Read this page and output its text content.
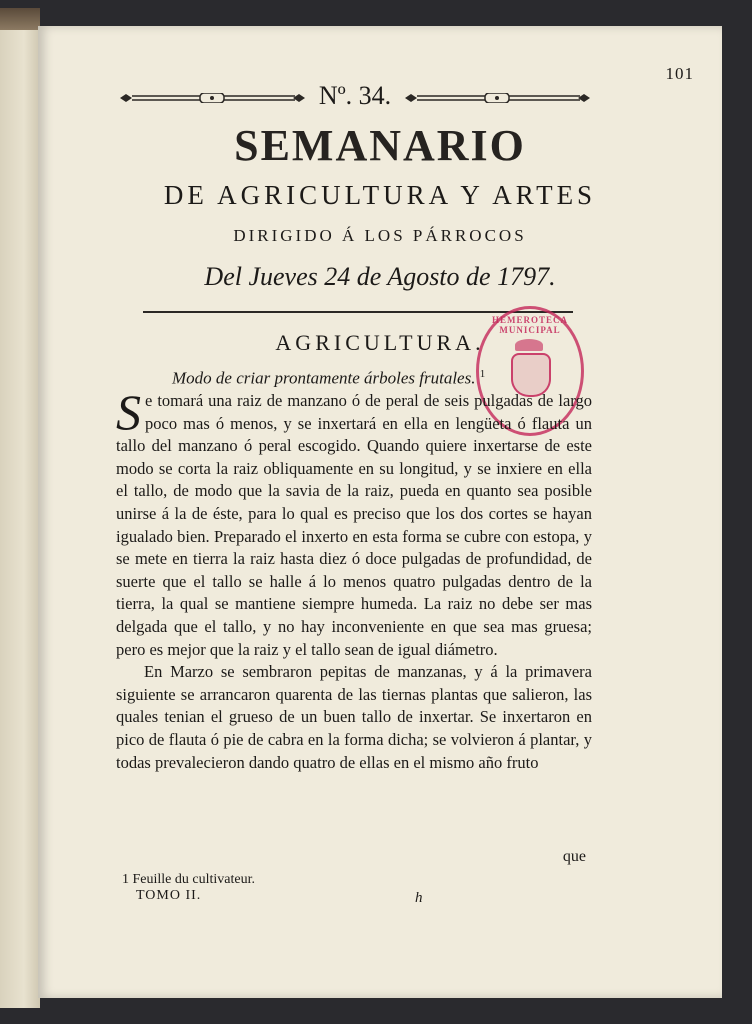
101
Nº. 34.
SEMANARIO
DE AGRICULTURA Y ARTES
DIRIGIDO Á LOS PÁRROCOS
Del Jueves 24 de Agosto de 1797.
AGRICULTURA.
Modo de criar prontamente árboles frutales. $^1$
HEMEROTECA MUNICIPAL

Se tomará una raiz de manzano ó de peral de seis pulgadas de largo poco mas ó menos, y se inxertará en ella en lengüeta ó flauta un tallo del manzano ó peral escogido. Quando quiere inxertarse de este modo se corta la raiz obliquamente en su longitud, y se inxiere en ella el tallo, de modo que la savia de la raiz, pueda en quanto sea posible unirse á la de éste, para lo qual es preciso que los dos cortes se hayan igualado bien. Preparado el inxerto en esta forma se cubre con estopa, y se mete en tierra la raiz hasta diez ó doce pulgadas de profundidad, de suerte que el tallo se halle á lo menos quatro pulgadas dentro de la tierra, la qual se mantiene siempre humeda. La raiz no debe ser mas delgada que el tallo, y no hay inconveniente en que sea mas gruesa; pero es mejor que la raiz y el tallo sean de igual diámetro.

En Marzo se sembraron pepitas de manzanas, y á la primavera siguiente se arrancaron quarenta de las tiernas plantas que salieron, las quales tenian el grueso de un buen tallo de inxertar. Se inxertaron en pico de flauta ó pie de cabra en la forma dicha; se volvieron á plantar, y todas prevalecieron dando quatro de ellas en el mismo año fruto

que
1 Feuille du cultivateur.
TOMO II.	h
